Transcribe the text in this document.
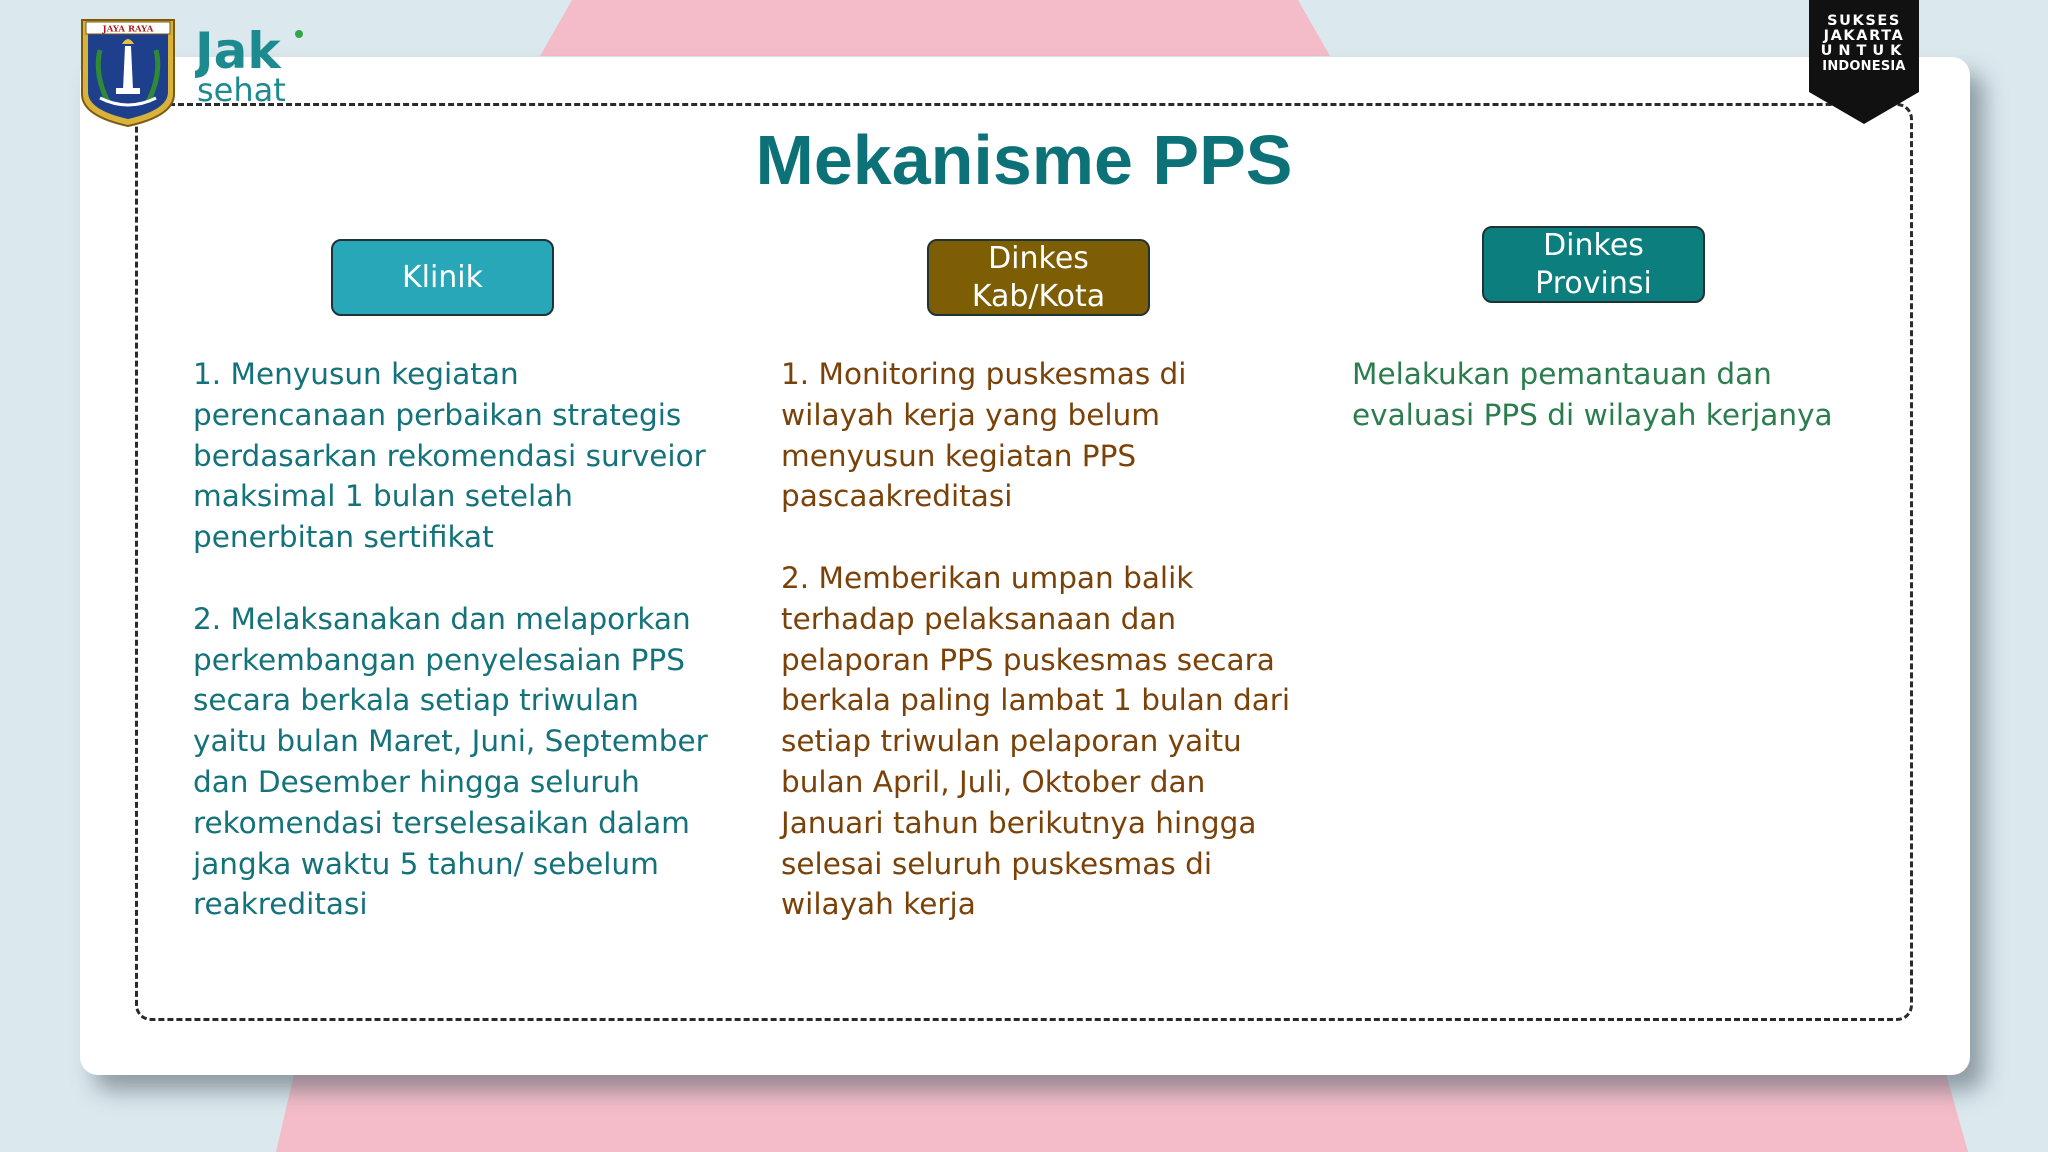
JAYA RAYA Jak
sehat
SUKSES
JAKARTA
UNTUK
INDONESIA
Mekanisme PPS
Klinik
Dinkes
Kab/Kota
Dinkes
Provinsi

1. Menyusun kegiatan perencanaan perbaikan strategis berdasarkan rekomendasi surveior maksimal 1 bulan setelah penerbitan sertifikat

2. Melaksanakan dan melaporkan perkembangan penyelesaian PPS secara berkala setiap triwulan yaitu bulan Maret, Juni, September dan Desember hingga seluruh rekomendasi terselesaikan dalam jangka waktu 5 tahun/ sebelum reakreditasi

1. Monitoring puskesmas di wilayah kerja yang belum menyusun kegiatan PPS pascaakreditasi

2. Memberikan umpan balik terhadap pelaksanaan dan pelaporan PPS puskesmas secara berkala paling lambat 1 bulan dari setiap triwulan pelaporan yaitu bulan April, Juli, Oktober dan Januari tahun berikutnya hingga selesai seluruh puskesmas di wilayah kerja

Melakukan pemantauan dan evaluasi PPS di wilayah kerjanya
